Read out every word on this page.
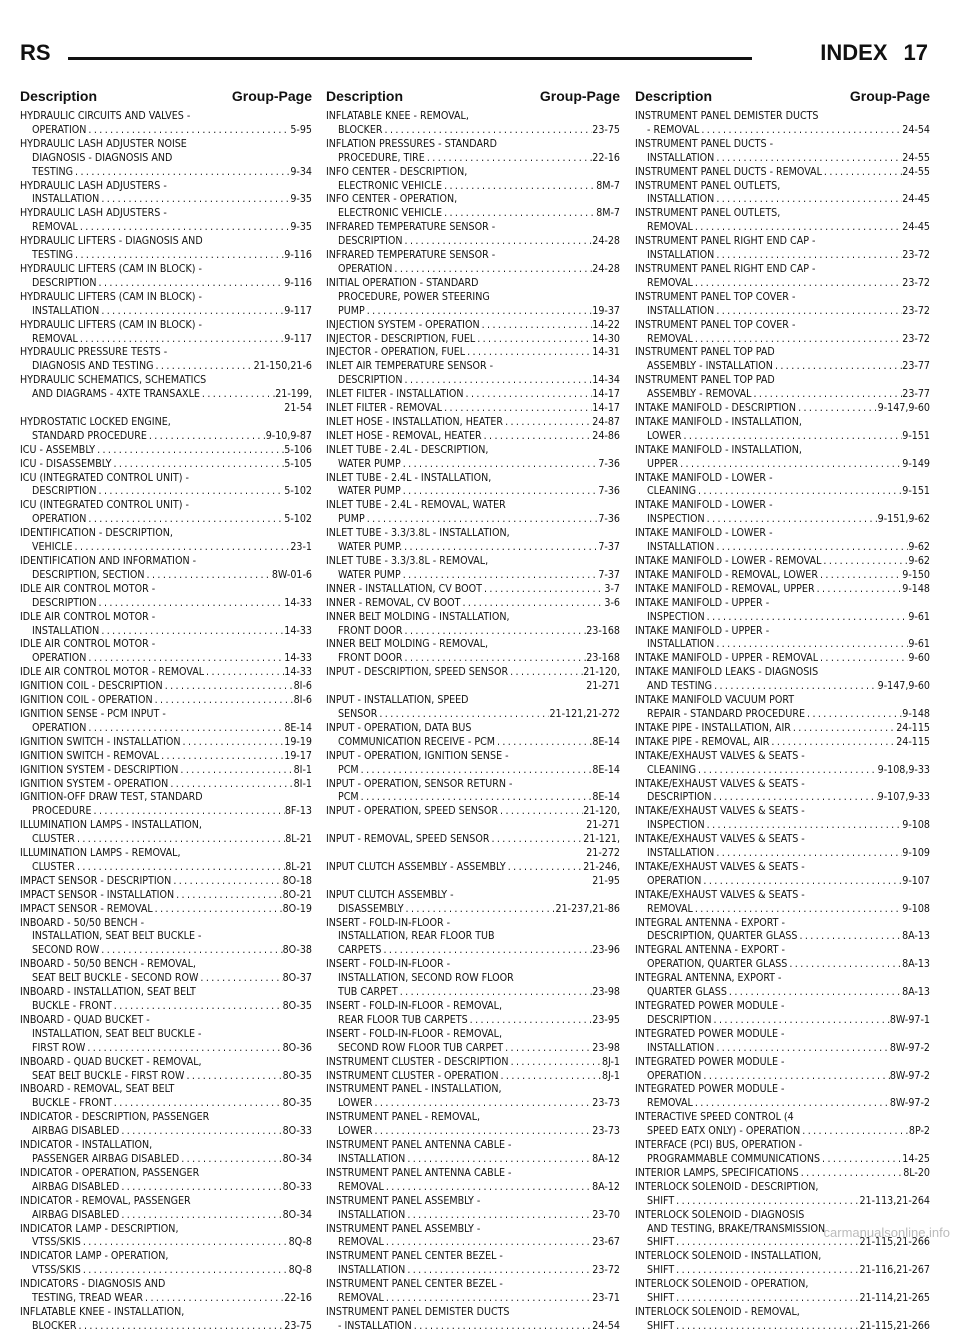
RS	INDEX 17
Description	Group-Page Description	Group-Page Description	Group-Page
HYDRAULIC CIRCUITS AND VALVES -
OPERATION .....	5-95
HYDRAULIC LASH ADJUSTER NOISE
DIAGNOSIS - DIAGNOSIS AND
TESTING .....	9-34
HYDRAULIC LASH ADJUSTERS -
INSTALLATION .....	9-35
HYDRAULIC LASH ADJUSTERS -
REMOVAL .....	9-35
HYDRAULIC LIFTERS - DIAGNOSIS AND
TESTING .....	9-116
HYDRAULIC LIFTERS (CAM IN BLOCK) -
DESCRIPTION .....	9-116
HYDRAULIC LIFTERS (CAM IN BLOCK) -
INSTALLATION .....	9-117
HYDRAULIC LIFTERS (CAM IN BLOCK) -
REMOVAL .....	9-117
HYDRAULIC PRESSURE TESTS -
DIAGNOSIS AND TESTING .....	21-150,21-6
HYDRAULIC SCHEMATICS, SCHEMATICS
AND DIAGRAMS - 4XTE TRANSAXLE .....	21-199,
21-54
HYDROSTATIC LOCKED ENGINE,
STANDARD PROCEDURE .....	9-10,9-87
ICU - ASSEMBLY .....	5-106
ICU - DISASSEMBLY .....	5-105
ICU (INTEGRATED CONTROL UNIT) -
DESCRIPTION .....	5-102
ICU (INTEGRATED CONTROL UNIT) -
OPERATION .....	5-102
IDENTIFICATION - DESCRIPTION,
VEHICLE .....	23-1
IDENTIFICATION AND INFORMATION -
DESCRIPTION, SECTION .....	8W-01-6
IDLE AIR CONTROL MOTOR -
DESCRIPTION .....	14-33
IDLE AIR CONTROL MOTOR -
INSTALLATION .....	14-33
IDLE AIR CONTROL MOTOR -
OPERATION .....	14-33
IDLE AIR CONTROL MOTOR - REMOVAL .....	14-33
IGNITION COIL - DESCRIPTION .....	8I-6
IGNITION COIL - OPERATION .....	8I-6
IGNITION SENSE - PCM INPUT -
OPERATION .....	8E-14
IGNITION SWITCH - INSTALLATION .....	19-19
IGNITION SWITCH - REMOVAL .....	19-17
IGNITION SYSTEM - DESCRIPTION .....	8I-1
IGNITION SYSTEM - OPERATION .....	8I-1
IGNITION-OFF DRAW TEST, STANDARD
PROCEDURE .....	8F-13
ILLUMINATION LAMPS - INSTALLATION,
CLUSTER .....	8L-21
ILLUMINATION LAMPS - REMOVAL,
CLUSTER .....	8L-21
IMPACT SENSOR - DESCRIPTION .....	8O-18
IMPACT SENSOR - INSTALLATION .....	8O-21
IMPACT SENSOR - REMOVAL .....	8O-19
INBOARD - 50/50 BENCH -
INSTALLATION, SEAT BELT BUCKLE -
SECOND ROW .....	8O-38
INBOARD - 50/50 BENCH - REMOVAL,
SEAT BELT BUCKLE - SECOND ROW .....	8O-37
INBOARD - INSTALLATION, SEAT BELT
BUCKLE - FRONT .....	8O-35
INBOARD - QUAD BUCKET -
INSTALLATION, SEAT BELT BUCKLE -
FIRST ROW .....	8O-36
INBOARD - QUAD BUCKET - REMOVAL,
SEAT BELT BUCKLE - FIRST ROW .....	8O-35
INBOARD - REMOVAL, SEAT BELT
BUCKLE - FRONT .....	8O-35
INDICATOR - DESCRIPTION, PASSENGER
AIRBAG DISABLED .....	8O-33
INDICATOR - INSTALLATION,
PASSENGER AIRBAG DISABLED .....	8O-34
INDICATOR - OPERATION, PASSENGER
AIRBAG DISABLED .....	8O-33
INDICATOR - REMOVAL, PASSENGER
AIRBAG DISABLED .....	8O-34
INDICATOR LAMP - DESCRIPTION,
VTSS/SKIS .....	8Q-8
INDICATOR LAMP - OPERATION,
VTSS/SKIS .....	8Q-8
INDICATORS - DIAGNOSIS AND
TESTING, TREAD WEAR .....	22-16
INFLATABLE KNEE - INSTALLATION,
BLOCKER .....	23-75
INFLATABLE KNEE - REMOVAL,
BLOCKER .....	23-75
INFLATION PRESSURES - STANDARD
PROCEDURE, TIRE .....	22-16
INFO CENTER - DESCRIPTION,
ELECTRONIC VEHICLE .....	8M-7
INFO CENTER - OPERATION,
ELECTRONIC VEHICLE .....	8M-7
INFRARED TEMPERATURE SENSOR -
DESCRIPTION .....	24-28
INFRARED TEMPERATURE SENSOR -
OPERATION .....	24-28
INITIAL OPERATION - STANDARD
PROCEDURE, POWER STEERING
PUMP .....	19-37
INJECTION SYSTEM - OPERATION .....	14-22
INJECTOR - DESCRIPTION, FUEL .....	14-30
INJECTOR - OPERATION, FUEL .....	14-31
INLET AIR TEMPERATURE SENSOR -
DESCRIPTION .....	14-34
INLET FILTER - INSTALLATION .....	14-17
INLET FILTER - REMOVAL .....	14-17
INLET HOSE - INSTALLATION, HEATER .....	24-87
INLET HOSE - REMOVAL, HEATER .....	24-86
INLET TUBE - 2.4L - DESCRIPTION,
WATER PUMP .....	7-36
INLET TUBE - 2.4L - INSTALLATION,
WATER PUMP .....	7-36
INLET TUBE - 2.4L - REMOVAL, WATER
PUMP .....	7-36
INLET TUBE - 3.3/3.8L - INSTALLATION,
WATER PUMP. .....	7-37
INLET TUBE - 3.3/3.8L - REMOVAL,
WATER PUMP .....	7-37
INNER - INSTALLATION, CV BOOT .....	3-7
INNER - REMOVAL, CV BOOT .....	3-6
INNER BELT MOLDING - INSTALLATION,
FRONT DOOR .....	23-168
INNER BELT MOLDING - REMOVAL,
FRONT DOOR .....	23-168
INPUT - DESCRIPTION, SPEED SENSOR .....	21-120,
21-271
INPUT - INSTALLATION, SPEED
SENSOR .....	21-121,21-272
INPUT - OPERATION, DATA BUS
COMMUNICATION RECEIVE - PCM .....	8E-14
INPUT - OPERATION, IGNITION SENSE -
PCM .....	8E-14
INPUT - OPERATION, SENSOR RETURN -
PCM .....	8E-14
INPUT - OPERATION, SPEED SENSOR .....	21-120,
21-271
INPUT - REMOVAL, SPEED SENSOR .....	21-121,
21-272
INPUT CLUTCH ASSEMBLY - ASSEMBLY .....	21-246,
21-95
INPUT CLUTCH ASSEMBLY -
DISASSEMBLY .....	21-237,21-86
INSERT - FOLD-IN-FLOOR -
INSTALLATION, REAR FLOOR TUB
CARPETS .....	23-96
INSERT - FOLD-IN-FLOOR -
INSTALLATION, SECOND ROW FLOOR
TUB CARPET .....	23-98
INSERT - FOLD-IN-FLOOR - REMOVAL,
REAR FLOOR TUB CARPETS .....	23-95
INSERT - FOLD-IN-FLOOR - REMOVAL,
SECOND ROW FLOOR TUB CARPET .....	23-98
INSTRUMENT CLUSTER - DESCRIPTION .....	8J-1
INSTRUMENT CLUSTER - OPERATION .....	8J-1
INSTRUMENT PANEL - INSTALLATION,
LOWER .....	23-73
INSTRUMENT PANEL - REMOVAL,
LOWER .....	23-73
INSTRUMENT PANEL ANTENNA CABLE -
INSTALLATION .....	8A-12
INSTRUMENT PANEL ANTENNA CABLE -
REMOVAL .....	8A-12
INSTRUMENT PANEL ASSEMBLY -
INSTALLATION .....	23-70
INSTRUMENT PANEL ASSEMBLY -
REMOVAL .....	23-67
INSTRUMENT PANEL CENTER BEZEL -
INSTALLATION .....	23-72
INSTRUMENT PANEL CENTER BEZEL -
REMOVAL .....	23-71
INSTRUMENT PANEL DEMISTER DUCTS
- INSTALLATION .....	24-54
INSTRUMENT PANEL DEMISTER DUCTS
- REMOVAL .....	24-54
INSTRUMENT PANEL DUCTS -
INSTALLATION .....	24-55
INSTRUMENT PANEL DUCTS - REMOVAL .....	24-55
INSTRUMENT PANEL OUTLETS,
INSTALLATION .....	24-45
INSTRUMENT PANEL OUTLETS,
REMOVAL .....	24-45
INSTRUMENT PANEL RIGHT END CAP -
INSTALLATION .....	23-72
INSTRUMENT PANEL RIGHT END CAP -
REMOVAL .....	23-72
INSTRUMENT PANEL TOP COVER -
INSTALLATION .....	23-72
INSTRUMENT PANEL TOP COVER -
REMOVAL .....	23-72
INSTRUMENT PANEL TOP PAD
ASSEMBLY - INSTALLATION .....	23-77
INSTRUMENT PANEL TOP PAD
ASSEMBLY - REMOVAL .....	23-77
INTAKE MANIFOLD - DESCRIPTION .....	9-147,9-60
INTAKE MANIFOLD - INSTALLATION,
LOWER .....	9-151
INTAKE MANIFOLD - INSTALLATION,
UPPER .....	9-149
INTAKE MANIFOLD - LOWER -
CLEANING .....	9-151
INTAKE MANIFOLD - LOWER -
INSPECTION .....	9-151,9-62
INTAKE MANIFOLD - LOWER -
INSTALLATION .....	9-62
INTAKE MANIFOLD - LOWER - REMOVAL .....	9-62
INTAKE MANIFOLD - REMOVAL, LOWER .....	9-150
INTAKE MANIFOLD - REMOVAL, UPPER .....	9-148
INTAKE MANIFOLD - UPPER -
INSPECTION .....	9-61
INTAKE MANIFOLD - UPPER -
INSTALLATION .....	9-61
INTAKE MANIFOLD - UPPER - REMOVAL .....	9-60
INTAKE MANIFOLD LEAKS - DIAGNOSIS
AND TESTING .....	9-147,9-60
INTAKE MANIFOLD VACUUM PORT
REPAIR - STANDARD PROCEDURE .....	9-148
INTAKE PIPE - INSTALLATION, AIR .....	24-115
INTAKE PIPE - REMOVAL, AIR .....	24-115
INTAKE/EXHAUST VALVES & SEATS -
CLEANING .....	9-108,9-33
INTAKE/EXHAUST VALVES & SEATS -
DESCRIPTION .....	9-107,9-33
INTAKE/EXHAUST VALVES & SEATS -
INSPECTION .....	9-108
INTAKE/EXHAUST VALVES & SEATS -
INSTALLATION .....	9-109
INTAKE/EXHAUST VALVES & SEATS -
OPERATION .....	9-107
INTAKE/EXHAUST VALVES & SEATS -
REMOVAL .....	9-108
INTEGRAL ANTENNA - EXPORT -
DESCRIPTION, QUARTER GLASS .....	8A-13
INTEGRAL ANTENNA - EXPORT -
OPERATION, QUARTER GLASS .....	8A-13
INTEGRAL ANTENNA, EXPORT -
QUARTER GLASS .....	8A-13
INTEGRATED POWER MODULE -
DESCRIPTION .....	8W-97-1
INTEGRATED POWER MODULE -
INSTALLATION .....	8W-97-2
INTEGRATED POWER MODULE -
OPERATION .....	8W-97-2
INTEGRATED POWER MODULE -
REMOVAL .....	8W-97-2
INTERACTIVE SPEED CONTROL (4
SPEED EATX ONLY) - OPERATION .....	8P-2
INTERFACE (PCI) BUS, OPERATION -
PROGRAMMABLE COMMUNICATIONS .....	14-25
INTERIOR LAMPS, SPECIFICATIONS .....	8L-20
INTERLOCK SOLENOID - DESCRIPTION,
SHIFT .....	21-113,21-264
INTERLOCK SOLENOID - DIAGNOSIS
AND TESTING, BRAKE/TRANSMISSION
SHIFT .....	21-115,21-266
INTERLOCK SOLENOID - INSTALLATION,
SHIFT .....	21-116,21-267
INTERLOCK SOLENOID - OPERATION,
SHIFT .....	21-114,21-265
INTERLOCK SOLENOID - REMOVAL,
SHIFT .....	21-115,21-266
carmanualsonline.info
